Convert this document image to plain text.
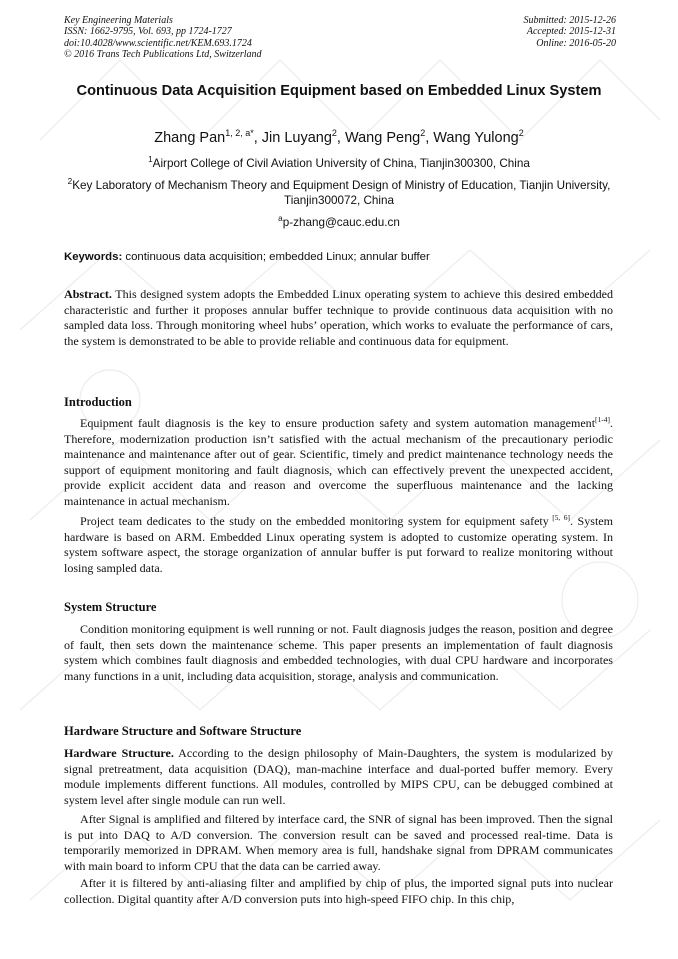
Key Engineering Materials
ISSN: 1662-9795, Vol. 693, pp 1724-1727
doi:10.4028/www.scientific.net/KEM.693.1724
© 2016 Trans Tech Publications Ltd, Switzerland
Submitted: 2015-12-26
Accepted: 2015-12-31
Online: 2016-05-20
Continuous Data Acquisition Equipment based on Embedded Linux System
Zhang Pan$^{1, 2, a*}$, Jin Luyang$^2$, Wang Peng$^2$, Wang Yulong$^2$
$^1$Airport College of Civil Aviation University of China, Tianjin300300, China
$^2$Key Laboratory of Mechanism Theory and Equipment Design of Ministry of Education, Tianjin University, Tianjin300072, China
$^a$p-zhang@cauc.edu.cn
Keywords: continuous data acquisition; embedded Linux; annular buffer

Abstract. This designed system adopts the Embedded Linux operating system to achieve this desired embedded characteristic and further it proposes annular buffer technique to provide continuous data acquisition with no sampled data loss. Through monitoring wheel hubs’ operation, which works to evaluate the performance of cars, the system is demonstrated to be able to provide reliable and continuous data for equipment.

Introduction

Equipment fault diagnosis is the key to ensure production safety and system automation management[1-4]. Therefore, modernization production isn’t satisfied with the actual mechanism of the precautionary periodic maintenance and maintenance after out of gear. Scientific, timely and predict maintenance technology needs the support of equipment monitoring and fault diagnosis, which can effectively prevent the unexpected accident, provide explicit accident data and reason and overcome the superfluous maintenance and the lacking maintenance in actual mechanism.

Project team dedicates to the study on the embedded monitoring system for equipment safety [5, 6]. System hardware is based on ARM. Embedded Linux operating system is adopted to customize operating system. In system software aspect, the storage organization of annular buffer is put forward to realize monitoring without losing sampled data.

System Structure

Condition monitoring equipment is well running or not. Fault diagnosis judges the reason, position and degree of fault, then sets down the maintenance scheme. This paper presents an implementation of fault diagnosis system which combines fault diagnosis and embedded technologies, with dual CPU hardware and incorporates many functions in a unit, including data acquisition, storage, analysis and communication.

Hardware Structure and Software Structure

Hardware Structure. According to the design philosophy of Main-Daughters, the system is modularized by signal pretreatment, data acquisition (DAQ), man-machine interface and dual-ported buffer memory. Every module implements different functions. All modules, controlled by MIPS CPU, can be debugged combined at system level after single module can run well.

After Signal is amplified and filtered by interface card, the SNR of signal has been improved. Then the signal is put into DAQ to A/D conversion. The conversion result can be saved and processed real-time. Data is temporarily memorized in DPRAM. When memory area is full, handshake signal from DPRAM communicates with main board to inform CPU that the data can be carried away.

After it is filtered by anti-aliasing filter and amplified by chip of plus, the imported signal puts into nuclear collection. Digital quantity after A/D conversion puts into high-speed FIFO chip. In this chip,
